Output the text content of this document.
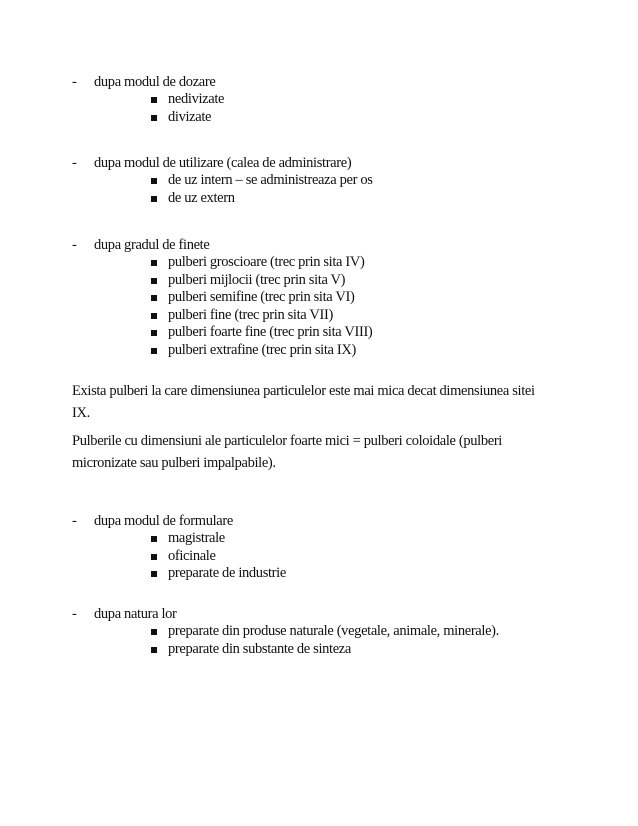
- dupa modul de dozare
nedivizate
divizate
- dupa modul de utilizare (calea de administrare)
de uz intern – se administreaza per os
de uz extern
- dupa gradul de finete
pulberi groscioare (trec prin sita IV)
pulberi mijlocii (trec prin sita V)
pulberi semifine (trec prin sita VI)
pulberi fine (trec prin sita VII)
pulberi foarte fine (trec prin sita VIII)
pulberi extrafine (trec prin sita IX)

Exista pulberi la care dimensiunea particulelor este mai mica decat dimensiunea sitei IX.

Pulberile cu dimensiuni ale particulelor foarte mici = pulberi coloidale (pulberi micronizate sau pulberi impalpabile).

- dupa modul de formulare
magistrale
oficinale
preparate de industrie
- dupa natura lor
preparate din produse naturale (vegetale, animale, minerale).
preparate din substante de sinteza
